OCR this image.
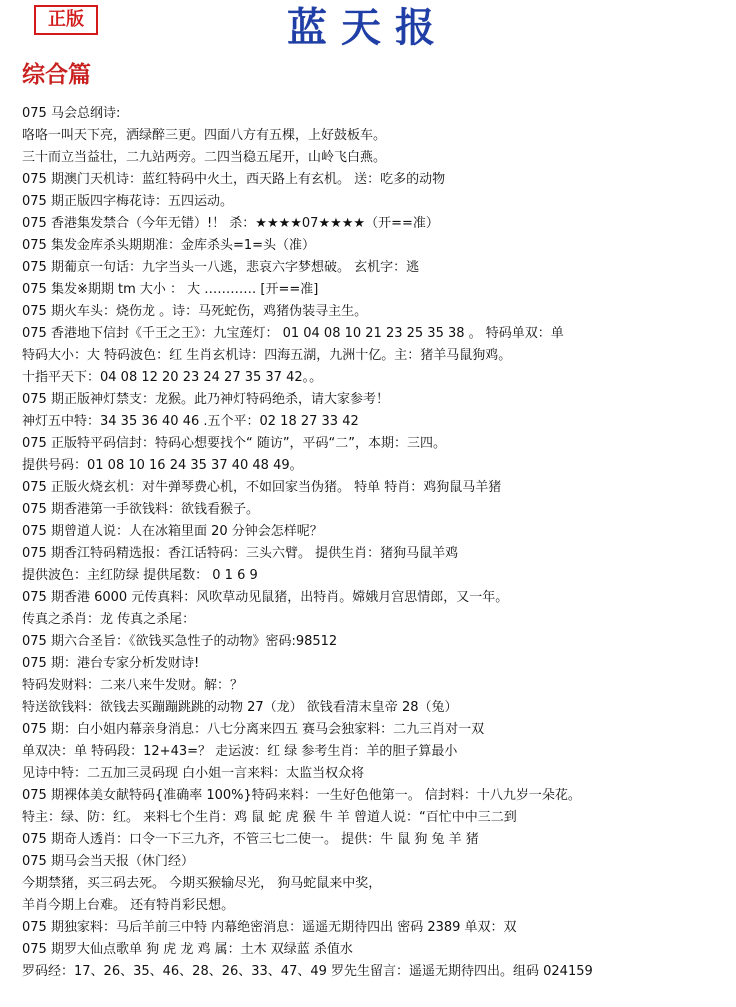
正版	蓝天报
综合篇
075 马会总纲诗:
咯咯一叫天下亮，洒绿醉三更。四面八方有五棵，上好鼓板车。
三十而立当益壮，二九站两旁。二四当稳五尾开，山岭飞白燕。
075 期澳门天机诗：蓝红特码中火土，西天路上有玄机。 送：吃多的动物
075 期正版四字梅花诗：五四运动。
075 香港集发禁合（今年无错）!！ 杀：★★★★07★★★★（开==准）
075 集发金库杀头期期准：金库杀头=1=头（准）
075 期葡京一句话：九字当头一八逃，悲哀六字梦想破。 玄机字：逃
075 集发※期期 tm 大小 ： 大 ………… [开==准]
075 期火车头：烧伤龙 。诗：马死蛇伤，鸡猪伪装寻主生。
075 香港地下信封《千王之王》：九宝莲灯： 01 04 08 10 21 23 25 35 38 。 特码单双：单
特码大小：大 特码波色：红 生肖玄机诗：四海五湖，九洲十亿。主：猪羊马鼠狗鸡。
十指平天下：04 08 12 20 23 24 27 35 37 42。。
075 期正版神灯禁支：龙猴。此乃神灯特码绝杀，请大家参考！
神灯五中特：34 35 36 40 46 .五个平：02 18 27 33 42
075 正版特平码信封：特码心想要找个“ 随访”，平码“二”，本期：三四。
提供号码：01 08 10 16 24 35 37 40 48 49。
075 正版火烧玄机：对牛弹琴费心机，不如回家当伪猪。 特单 特肖：鸡狗鼠马羊猪
075 期香港第一手欲钱料：欲钱看猴子。
075 期曾道人说：人在冰箱里面 20 分钟会怎样呢？
075 期香江特码精选报：香江话特码：三头六臂。 提供生肖：猪狗马鼠羊鸡
提供波色：主红防绿 提供尾数： 0 1 6 9
075 期香港 6000 元传真料：风吹草动见鼠猪，出特肖。嫦娥月宫思情郎，又一年。
传真之杀肖：龙 传真之杀尾：
075 期六合圣旨：《欲钱买急性子的动物》密码:98512
075 期：港台专家分析发财诗!
特码发财料：二来八来牛发财。解：？
特送欲钱料：欲钱去买蹦蹦跳跳的动物 27（龙） 欲钱看清末皇帝 28（兔）
075 期：白小姐内幕亲身消息：八七分离来四五 赛马会独家料：二九三肖对一双
单双决：单 特码段：12+43=？ 走运波：红 绿 参考生肖：羊的胆子算最小
见诗中特：二五加三灵码现 白小姐一言来料：太监当权众将
075 期裸体美女献特码{准确率 100%}特码来料：一生好色他第一。 信封料：十八九岁一朵花。
特主：绿、防：红。 来料七个生肖：鸡 鼠 蛇 虎 猴 牛 羊 曾道人说：“百忙中中三二到
075 期奇人透肖：口令一下三九齐，不管三七二使一。 提供：牛 鼠 狗 兔 羊 猪
075 期马会当天报（休门经）
今期禁猪，买三码去死。 今期买猴输尽光， 狗马蛇鼠来中奖，
羊肖今期上台难。 还有特肖彩民想。
075 期独家料：马后羊前三中特 内幕绝密消息：遥遥无期待四出 密码 2389 单双：双
075 期罗大仙点歌单 狗 虎 龙 鸡 属：土木 双绿蓝 杀值水
罗码经：17、26、35、46、28、26、33、47、49 罗先生留言：遥遥无期待四出。组码 024159
